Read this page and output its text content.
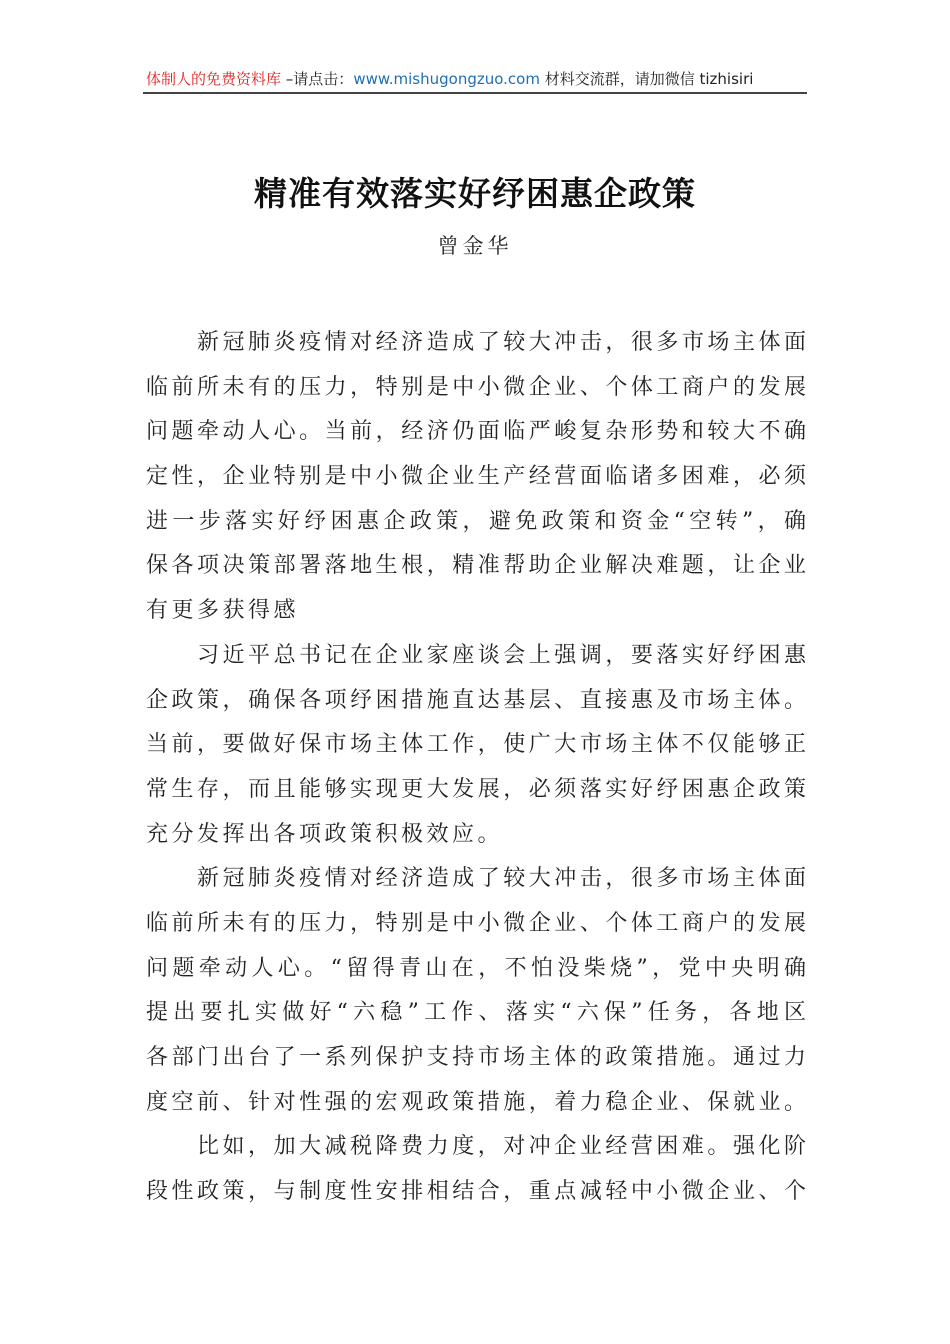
体制人的免费资料库 –请点击：www.mishugongzuo.com 材料交流群，请加微信 tizhisiri
精准有效落实好纾困惠企政策
曾金华
新冠肺炎疫情对经济造成了较大冲击，很多市场主体面
临前所未有的压力，特别是中小微企业、个体工商户的发展
问题牵动人心。当前，经济仍面临严峻复杂形势和较大不确
定性，企业特别是中小微企业生产经营面临诸多困难，必须
进一步落实好纾困惠企政策，避免政策和资金“空转”，确
保各项决策部署落地生根，精准帮助企业解决难题，让企业
有更多获得感
习近平总书记在企业家座谈会上强调，要落实好纾困惠
企政策，确保各项纾困措施直达基层、直接惠及市场主体。
当前，要做好保市场主体工作，使广大市场主体不仅能够正
常生存，而且能够实现更大发展，必须落实好纾困惠企政策
充分发挥出各项政策积极效应。
新冠肺炎疫情对经济造成了较大冲击，很多市场主体面
临前所未有的压力，特别是中小微企业、个体工商户的发展
问题牵动人心。“留得青山在，不怕没柴烧”，党中央明确
提出要扎实做好“六稳”工作、落实“六保”任务，各地区
各部门出台了一系列保护支持市场主体的政策措施。通过力
度空前、针对性强的宏观政策措施，着力稳企业、保就业。
比如，加大减税降费力度，对冲企业经营困难。强化阶
段性政策，与制度性安排相结合，重点减轻中小微企业、个
